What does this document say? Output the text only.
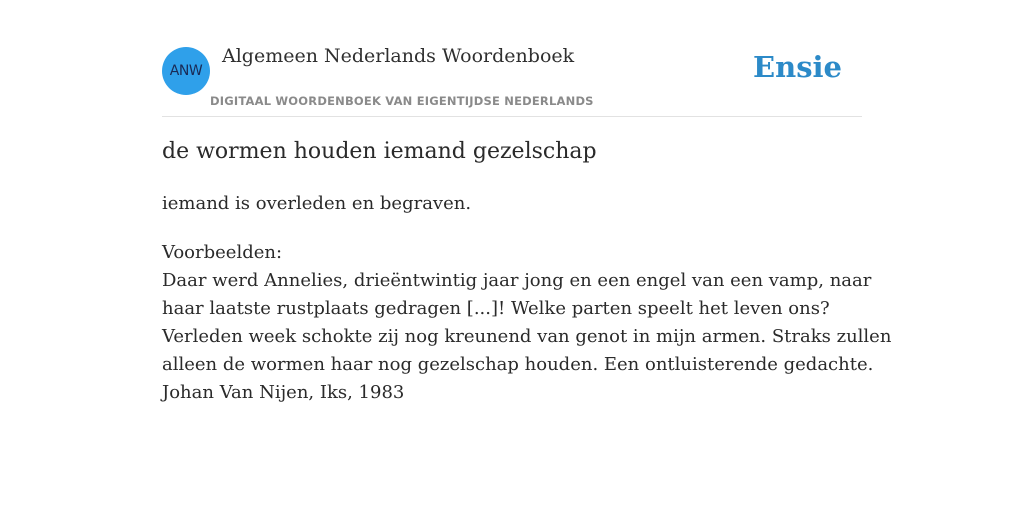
ANW
Algemeen Nederlands Woordenboek
DIGITAAL WOORDENBOEK VAN EIGENTIJDSE NEDERLANDS
Ensie
de wormen houden iemand gezelschap

iemand is overleden en begraven.

Voorbeelden:
Daar werd Annelies, drieëntwintig jaar jong en een engel van een vamp, naar
haar laatste rustplaats gedragen [...]! Welke parten speelt het leven ons?
Verleden week schokte zij nog kreunend van genot in mijn armen. Straks zullen
alleen de wormen haar nog gezelschap houden. Een ontluisterende gedachte.
Johan Van Nijen, Iks, 1983
